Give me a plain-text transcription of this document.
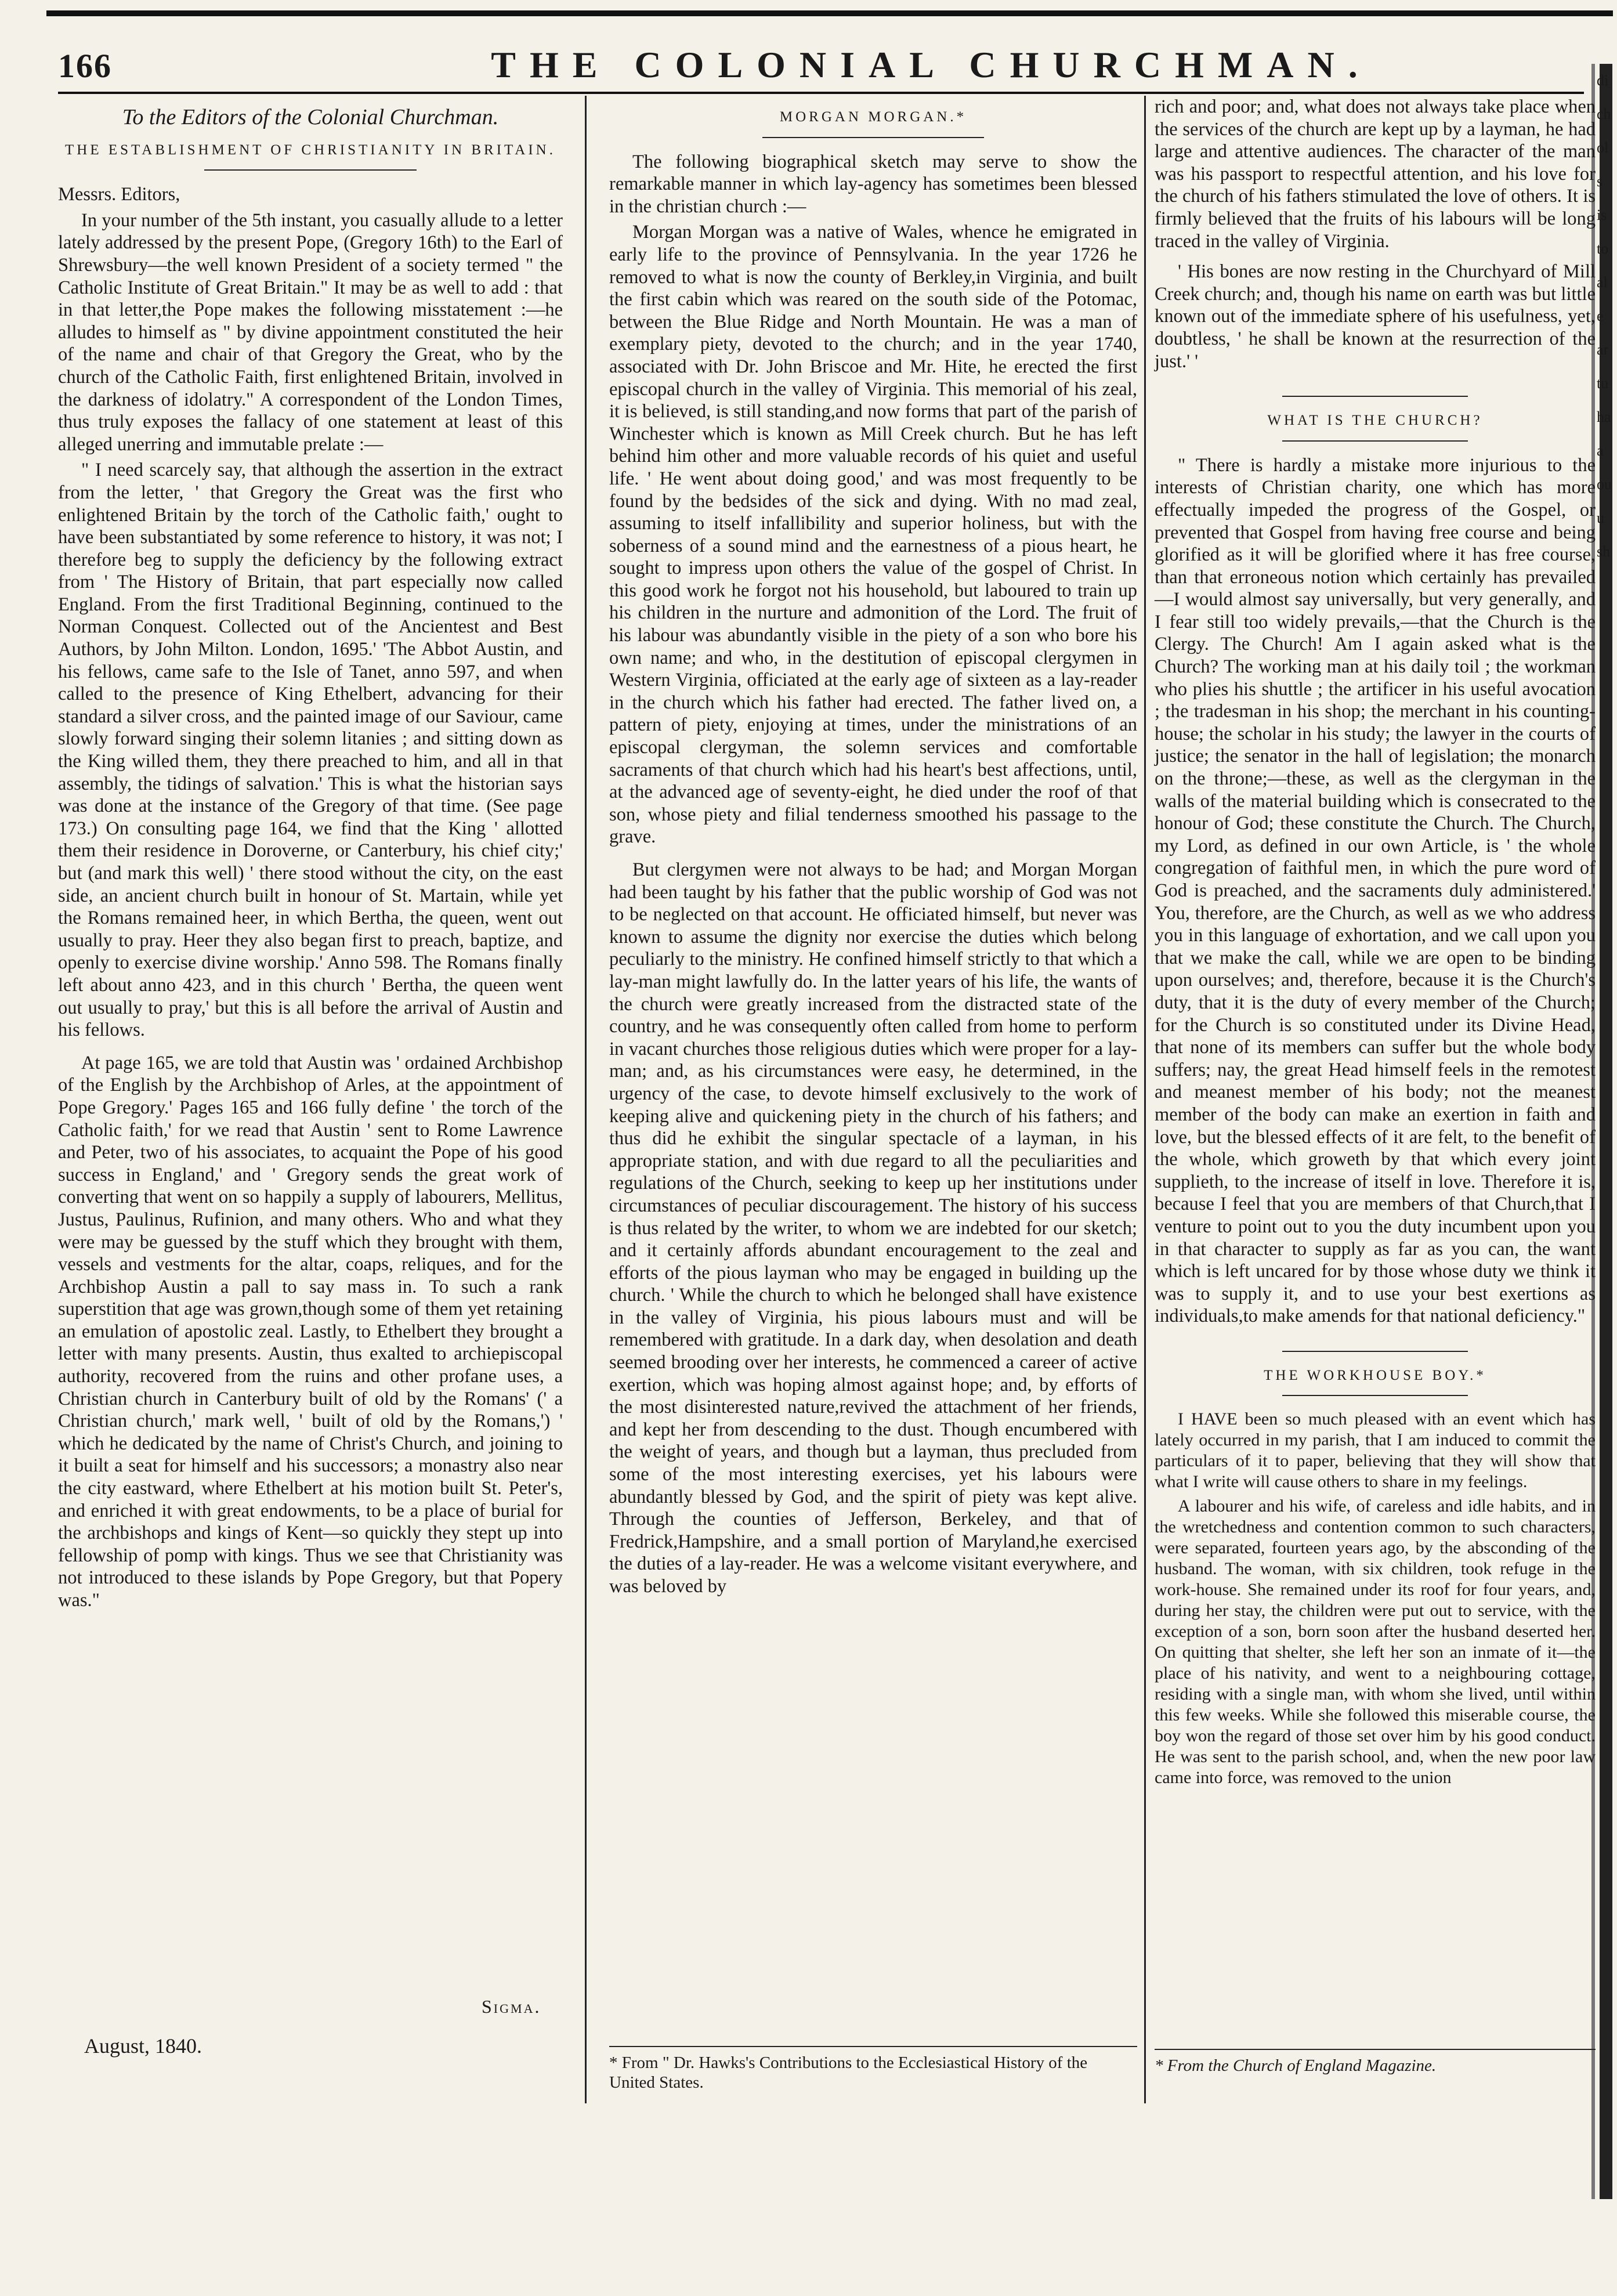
166	THE COLONIAL CHURCHMAN.
To the Editors of the Colonial Churchman.
THE ESTABLISHMENT OF CHRISTIANITY IN BRITAIN.

Messrs. Editors,

In your number of the 5th instant, you casually allude to a letter lately addressed by the present Pope, (Gregory 16th) to the Earl of Shrewsbury—the well known President of a society termed " the Catholic Institute of Great Britain." It may be as well to add : that in that letter,the Pope makes the following misstatement :—he alludes to himself as " by divine appointment constituted the heir of the name and chair of that Gregory the Great, who by the church of the Catholic Faith, first enlightened Britain, involved in the darkness of idolatry." A correspondent of the London Times, thus truly exposes the fallacy of one statement at least of this alleged unerring and immutable prelate :—

" I need scarcely say, that although the assertion in the extract from the letter, ' that Gregory the Great was the first who enlightened Britain by the torch of the Catholic faith,' ought to have been substantiated by some reference to history, it was not; I therefore beg to supply the deficiency by the following extract from ' The History of Britain, that part especially now called England. From the first Traditional Beginning, continued to the Norman Conquest. Collected out of the Ancientest and Best Authors, by John Milton. London, 1695.' 'The Abbot Austin, and his fellows, came safe to the Isle of Tanet, anno 597, and when called to the presence of King Ethelbert, advancing for their standard a silver cross, and the painted image of our Saviour, came slowly forward singing their solemn litanies ; and sitting down as the King willed them, they there preached to him, and all in that assembly, the tidings of salvation.' This is what the historian says was done at the instance of the Gregory of that time. (See page 173.) On consulting page 164, we find that the King ' allotted them their residence in Doroverne, or Canterbury, his chief city;' but (and mark this well) ' there stood without the city, on the east side, an ancient church built in honour of St. Martain, while yet the Romans remained heer, in which Bertha, the queen, went out usually to pray. Heer they also began first to preach, baptize, and openly to exercise divine worship.' Anno 598. The Romans finally left about anno 423, and in this church ' Bertha, the queen went out usually to pray,' but this is all before the arrival of Austin and his fellows.

At page 165, we are told that Austin was ' ordained Archbishop of the English by the Archbishop of Arles, at the appointment of Pope Gregory.' Pages 165 and 166 fully define ' the torch of the Catholic faith,' for we read that Austin ' sent to Rome Lawrence and Peter, two of his associates, to acquaint the Pope of his good success in England,' and ' Gregory sends the great work of converting that went on so happily a supply of labourers, Mellitus, Justus, Paulinus, Rufinion, and many others. Who and what they were may be guessed by the stuff which they brought with them, vessels and vestments for the altar, coaps, reliques, and for the Archbishop Austin a pall to say mass in. To such a rank superstition that age was grown,though some of them yet retaining an emulation of apostolic zeal. Lastly, to Ethelbert they brought a letter with many presents. Austin, thus exalted to archiepiscopal authority, recovered from the ruins and other profane uses, a Christian church in Canterbury built of old by the Romans' (' a Christian church,' mark well, ' built of old by the Romans,') ' which he dedicated by the name of Christ's Church, and joining to it built a seat for himself and his successors; a monastry also near the city eastward, where Ethelbert at his motion built St. Peter's, and enriched it with great endowments, to be a place of burial for the archbishops and kings of Kent—so quickly they stept up into fellowship of pomp with kings. Thus we see that Christianity was not introduced to these islands by Pope Gregory, but that Popery was."

Sigma.
August, 1840.
MORGAN MORGAN.*

The following biographical sketch may serve to show the remarkable manner in which lay-agency has sometimes been blessed in the christian church :—

Morgan Morgan was a native of Wales, whence he emigrated in early life to the province of Pennsylvania. In the year 1726 he removed to what is now the county of Berkley,in Virginia, and built the first cabin which was reared on the south side of the Potomac, between the Blue Ridge and North Mountain. He was a man of exemplary piety, devoted to the church; and in the year 1740, associated with Dr. John Briscoe and Mr. Hite, he erected the first episcopal church in the valley of Virginia. This memorial of his zeal, it is believed, is still standing,and now forms that part of the parish of Winchester which is known as Mill Creek church. But he has left behind him other and more valuable records of his quiet and useful life. ' He went about doing good,' and was most frequently to be found by the bedsides of the sick and dying. With no mad zeal, assuming to itself infallibility and superior holiness, but with the soberness of a sound mind and the earnestness of a pious heart, he sought to impress upon others the value of the gospel of Christ. In this good work he forgot not his household, but laboured to train up his children in the nurture and admonition of the Lord. The fruit of his labour was abundantly visible in the piety of a son who bore his own name; and who, in the destitution of episcopal clergymen in Western Virginia, officiated at the early age of sixteen as a lay-reader in the church which his father had erected. The father lived on, a pattern of piety, enjoying at times, under the ministrations of an episcopal clergyman, the solemn services and comfortable sacraments of that church which had his heart's best affections, until, at the advanced age of seventy-eight, he died under the roof of that son, whose piety and filial tenderness smoothed his passage to the grave.

But clergymen were not always to be had; and Morgan Morgan had been taught by his father that the public worship of God was not to be neglected on that account. He officiated himself, but never was known to assume the dignity nor exercise the duties which belong peculiarly to the ministry. He confined himself strictly to that which a lay-man might lawfully do. In the latter years of his life, the wants of the church were greatly increased from the distracted state of the country, and he was consequently often called from home to perform in vacant churches those religious duties which were proper for a lay-man; and, as his circumstances were easy, he determined, in the urgency of the case, to devote himself exclusively to the work of keeping alive and quickening piety in the church of his fathers; and thus did he exhibit the singular spectacle of a layman, in his appropriate station, and with due regard to all the peculiarities and regulations of the Church, seeking to keep up her institutions under circumstances of peculiar discouragement. The history of his success is thus related by the writer, to whom we are indebted for our sketch; and it certainly affords abundant encouragement to the zeal and efforts of the pious layman who may be engaged in building up the church. ' While the church to which he belonged shall have existence in the valley of Virginia, his pious labours must and will be remembered with gratitude. In a dark day, when desolation and death seemed brooding over her interests, he commenced a career of active exertion, which was hoping almost against hope; and, by efforts of the most disinterested nature,revived the attachment of her friends, and kept her from descending to the dust. Though encumbered with the weight of years, and though but a layman, thus precluded from some of the most interesting exercises, yet his labours were abundantly blessed by God, and the spirit of piety was kept alive. Through the counties of Jefferson, Berkeley, and that of Fredrick,Hampshire, and a small portion of Maryland,he exercised the duties of a lay-reader. He was a welcome visitant everywhere, and was beloved by

* From " Dr. Hawks's Contributions to the Ecclesiastical History of the United States.

rich and poor; and, what does not always take place when the services of the church are kept up by a layman, he had large and attentive audiences. The character of the man was his passport to respectful attention, and his love for the church of his fathers stimulated the love of others. It is firmly believed that the fruits of his labours will be long traced in the valley of Virginia.

' His bones are now resting in the Churchyard of Mill Creek church; and, though his name on earth was but little known out of the immediate sphere of his usefulness, yet, doubtless, ' he shall be known at the resurrection of the just.' '

WHAT IS THE CHURCH?

" There is hardly a mistake more injurious to the interests of Christian charity, one which has more effectually impeded the progress of the Gospel, or prevented that Gospel from having free course and being glorified as it will be glorified where it has free course, than that erroneous notion which certainly has prevailed —I would almost say universally, but very generally, and I fear still too widely prevails,—that the Church is the Clergy. The Church! Am I again asked what is the Church? The working man at his daily toil ; the workman who plies his shuttle ; the artificer in his useful avocation ; the tradesman in his shop; the merchant in his counting-house; the scholar in his study; the lawyer in the courts of justice; the senator in the hall of legislation; the monarch on the throne;—these, as well as the clergyman in the walls of the material building which is consecrated to the honour of God; these constitute the Church. The Church, my Lord, as defined in our own Article, is ' the whole congregation of faithful men, in which the pure word of God is preached, and the sacraments duly administered.' You, therefore, are the Church, as well as we who address you in this language of exhortation, and we call upon you that we make the call, while we are open to be binding upon ourselves; and, therefore, because it is the Church's duty, that it is the duty of every member of the Church; for the Church is so constituted under its Divine Head, that none of its members can suffer but the whole body suffers; nay, the great Head himself feels in the remotest and meanest member of his body; not the meanest member of the body can make an exertion in faith and love, but the blessed effects of it are felt, to the benefit of the whole, which groweth by that which every joint supplieth, to the increase of itself in love. Therefore it is, because I feel that you are members of that Church,that I venture to point out to you the duty incumbent upon you in that character to supply as far as you can, the want which is left uncared for by those whose duty we think it was to supply it, and to use your best exertions as individuals,to make amends for that national deficiency."

THE WORKHOUSE BOY.*

I HAVE been so much pleased with an event which has lately occurred in my parish, that I am induced to commit the particulars of it to paper, believing that they will show that what I write will cause others to share in my feelings.

A labourer and his wife, of careless and idle habits, and in the wretchedness and contention common to such characters, were separated, fourteen years ago, by the absconding of the husband. The woman, with six children, took refuge in the work-house. She remained under its roof for four years, and, during her stay, the children were put out to service, with the exception of a son, born soon after the husband deserted her. On quitting that shelter, she left her son an inmate of it—the place of his nativity, and went to a neighbouring cottage, residing with a single man, with whom she lived, until within this few weeks. While she followed this miserable course, the boy won the regard of those set over him by his good conduct. He was sent to the parish school, and, when the new poor law came into force, was removed to the union

* From the Church of England Magazine.

di
ch
ol
s
is
to
al
e
ar
tu
ha
a
ou
u
sh
